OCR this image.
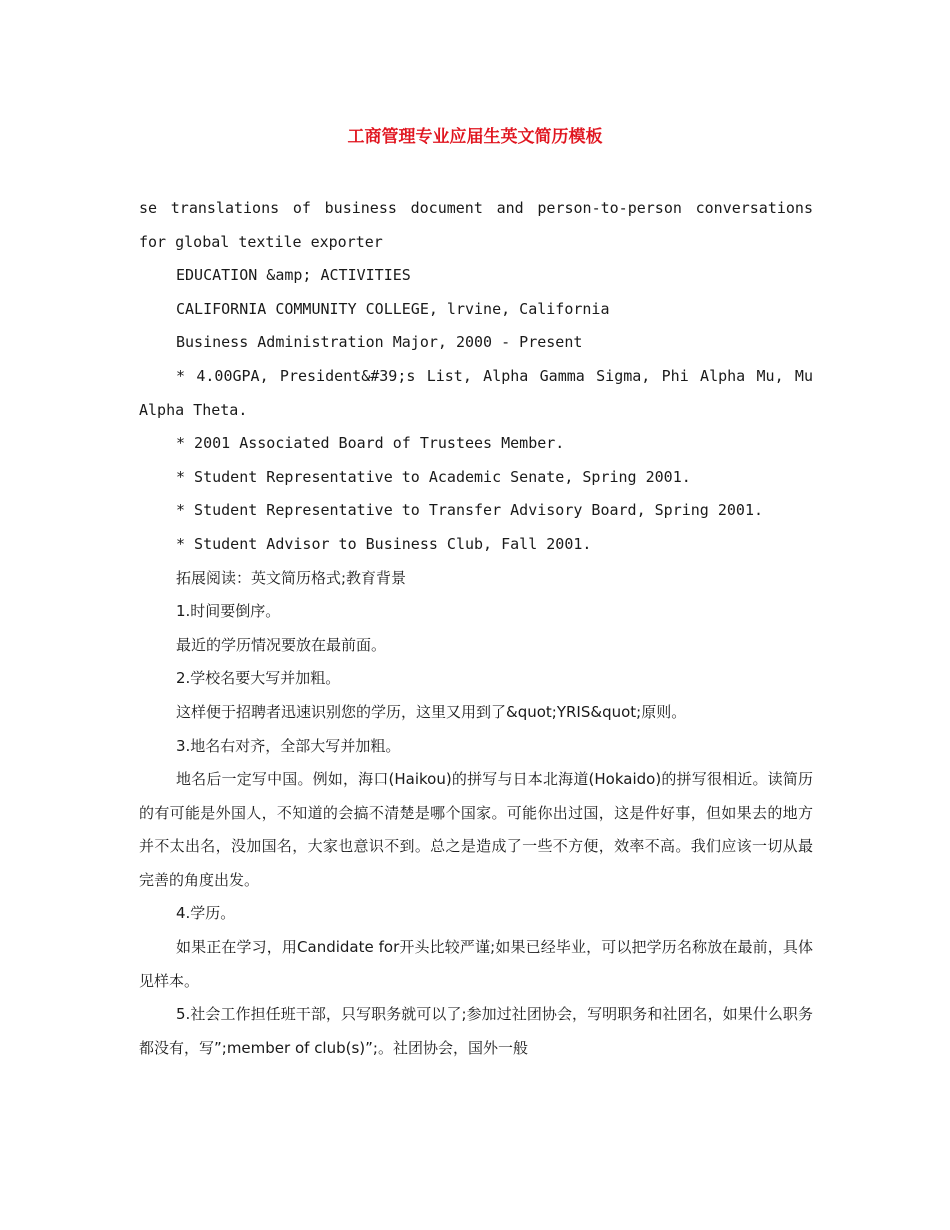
工商管理专业应届生英文简历模板

se translations of business document and person-to-person conversations for global textile exporter

EDUCATION &amp; ACTIVITIES

CALIFORNIA COMMUNITY COLLEGE, lrvine, California

Business Administration Major, 2000 - Present

* 4.00GPA, President&#39;s List, Alpha Gamma Sigma, Phi Alpha Mu, Mu Alpha Theta.

* 2001 Associated Board of Trustees Member.

* Student Representative to Academic Senate, Spring 2001.

* Student Representative to Transfer Advisory Board, Spring 2001.

* Student Advisor to Business Club, Fall 2001.

拓展阅读：英文简历格式;教育背景

1.时间要倒序。

最近的学历情况要放在最前面。

2.学校名要大写并加粗。

这样便于招聘者迅速识别您的学历，这里又用到了&quot;YRIS&quot;原则。

3.地名右对齐，全部大写并加粗。

地名后一定写中国。例如，海口(Haikou)的拼写与日本北海道(Hokaido)的拼写很相近。读简历的有可能是外国人，不知道的会搞不清楚是哪个国家。可能你出过国，这是件好事，但如果去的地方并不太出名，没加国名，大家也意识不到。总之是造成了一些不方便，效率不高。我们应该一切从最完善的角度出发。

4.学历。

如果正在学习，用Candidate for开头比较严谨;如果已经毕业，可以把学历名称放在最前，具体见样本。

5.社会工作担任班干部，只写职务就可以了;参加过社团协会，写明职务和社团名，如果什么职务都没有，写”;member of club(s)”;。社团协会，国外一般
